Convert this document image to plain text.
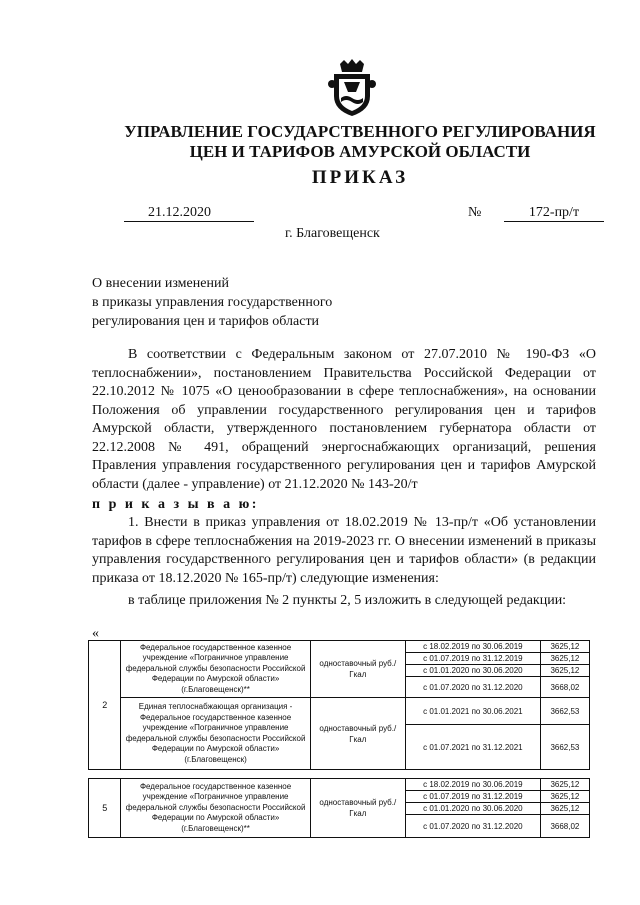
УПРАВЛЕНИЕ ГОСУДАРСТВЕННОГО РЕГУЛИРОВАНИЯ
ЦЕН И ТАРИФОВ АМУРСКОЙ ОБЛАСТИ
ПРИКАЗ
21.12.2020	№	172-пр/т
г. Благовещенск
О внесении изменений
в приказы управления государственного
регулирования цен и тарифов области
В соответствии с Федеральным законом от 27.07.2010 № 190-ФЗ «О теплоснабжении», постановлением Правительства Российской Федерации от 22.10.2012 № 1075 «О ценообразовании в сфере теплоснабжения», на основании Положения об управлении государственного регулирования цен и тарифов Амурской области, утвержденного постановлением губернатора области от 22.12.2008 № 491, обращений энергоснабжающих организаций, решения Правления управления государственного регулирования цен и тарифов Амурской области (далее - управление) от 21.12.2020 № 143-20/т
п р и к а з ы в а ю:
1. Внести в приказ управления от 18.02.2019 № 13-пр/т «Об установлении тарифов в сфере теплоснабжения на 2019-2023 гг. О внесении изменений в приказы управления государственного регулирования цен и тарифов области» (в редакции приказа от 18.12.2020 № 165-пр/т) следующие изменения:
в таблице приложения № 2 пункты 2, 5 изложить в следующей редакции:
«
2	Федеральное государственное казенное учреждение «Пограничное управление федеральной службы безопасности Российской Федерации по Амурской области» (г.Благовещенск)**	одноставочный руб./Гкал	с 18.02.2019 по 30.06.2019	3625,12
			с 01.07.2019 по 31.12.2019	3625,12
			с 01.01.2020 по 30.06.2020	3625,12
			с 01.07.2020 по 31.12.2020	3668,02
	Единая теплоснабжающая организация - Федеральное государственное казенное учреждение «Пограничное управление федеральной службы безопасности Российской Федерации по Амурской области» (г.Благовещенск)	одноставочный руб./Гкал	с 01.01.2021 по 30.06.2021	3662,53
			с 01.07.2021 по 31.12.2021	3662,53
5	Федеральное государственное казенное учреждение «Пограничное управление федеральной службы безопасности Российской Федерации по Амурской области» (г.Благовещенск)**	одноставочный руб./Гкал	с 18.02.2019 по 30.06.2019	3625,12
			с 01.07.2019 по 31.12.2019	3625,12
			с 01.01.2020 по 30.06.2020	3625,12
			с 01.07.2020 по 31.12.2020	3668,02
